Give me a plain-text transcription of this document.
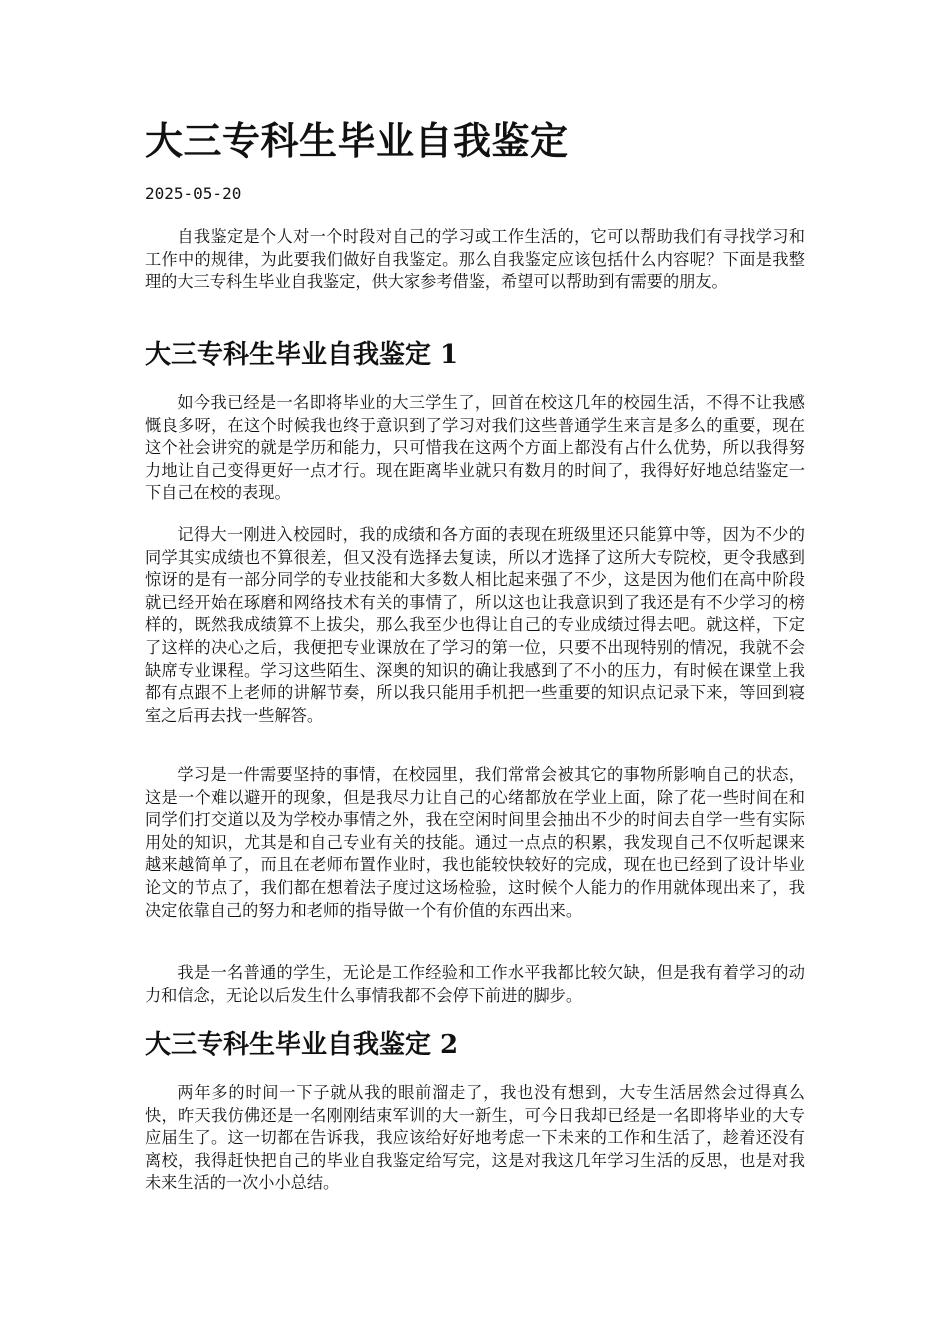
大三专科生毕业自我鉴定
2025-05-20

自我鉴定是个人对一个时段对自己的学习或工作生活的，它可以帮助我们有寻找学习和工作中的规律，为此要我们做好自我鉴定。那么自我鉴定应该包括什么内容呢？下面是我整理的大三专科生毕业自我鉴定，供大家参考借鉴，希望可以帮助到有需要的朋友。

大三专科生毕业自我鉴定 1

如今我已经是一名即将毕业的大三学生了，回首在校这几年的校园生活，不得不让我感慨良多呀，在这个时候我也终于意识到了学习对我们这些普通学生来言是多么的重要，现在这个社会讲究的就是学历和能力，只可惜我在这两个方面上都没有占什么优势，所以我得努力地让自己变得更好一点才行。现在距离毕业就只有数月的时间了，我得好好地总结鉴定一下自己在校的表现。

记得大一刚进入校园时，我的成绩和各方面的表现在班级里还只能算中等，因为不少的同学其实成绩也不算很差，但又没有选择去复读，所以才选择了这所大专院校，更令我感到惊讶的是有一部分同学的专业技能和大多数人相比起来强了不少，这是因为他们在高中阶段就已经开始在琢磨和网络技术有关的事情了，所以这也让我意识到了我还是有不少学习的榜样的，既然我成绩算不上拔尖，那么我至少也得让自己的专业成绩过得去吧。就这样，下定了这样的决心之后，我便把专业课放在了学习的第一位，只要不出现特别的情况，我就不会缺席专业课程。学习这些陌生、深奥的知识的确让我感到了不小的压力，有时候在课堂上我都有点跟不上老师的讲解节奏，所以我只能用手机把一些重要的知识点记录下来，等回到寝室之后再去找一些解答。

学习是一件需要坚持的事情，在校园里，我们常常会被其它的事物所影响自己的状态，这是一个难以避开的现象，但是我尽力让自己的心绪都放在学业上面，除了花一些时间在和同学们打交道以及为学校办事情之外，我在空闲时间里会抽出不少的时间去自学一些有实际用处的知识，尤其是和自己专业有关的技能。通过一点点的积累，我发现自己不仅听起课来越来越简单了，而且在老师布置作业时，我也能较快较好的完成，现在也已经到了设计毕业论文的节点了，我们都在想着法子度过这场检验，这时候个人能力的作用就体现出来了，我决定依靠自己的努力和老师的指导做一个有价值的东西出来。

我是一名普通的学生，无论是工作经验和工作水平我都比较欠缺，但是我有着学习的动力和信念，无论以后发生什么事情我都不会停下前进的脚步。

大三专科生毕业自我鉴定 2

两年多的时间一下子就从我的眼前溜走了，我也没有想到，大专生活居然会过得真么快，昨天我仿佛还是一名刚刚结束军训的大一新生，可今日我却已经是一名即将毕业的大专应届生了。这一切都在告诉我，我应该给好好地考虑一下未来的工作和生活了，趁着还没有离校，我得赶快把自己的毕业自我鉴定给写完，这是对我这几年学习生活的反思，也是对我未来生活的一次小小总结。
